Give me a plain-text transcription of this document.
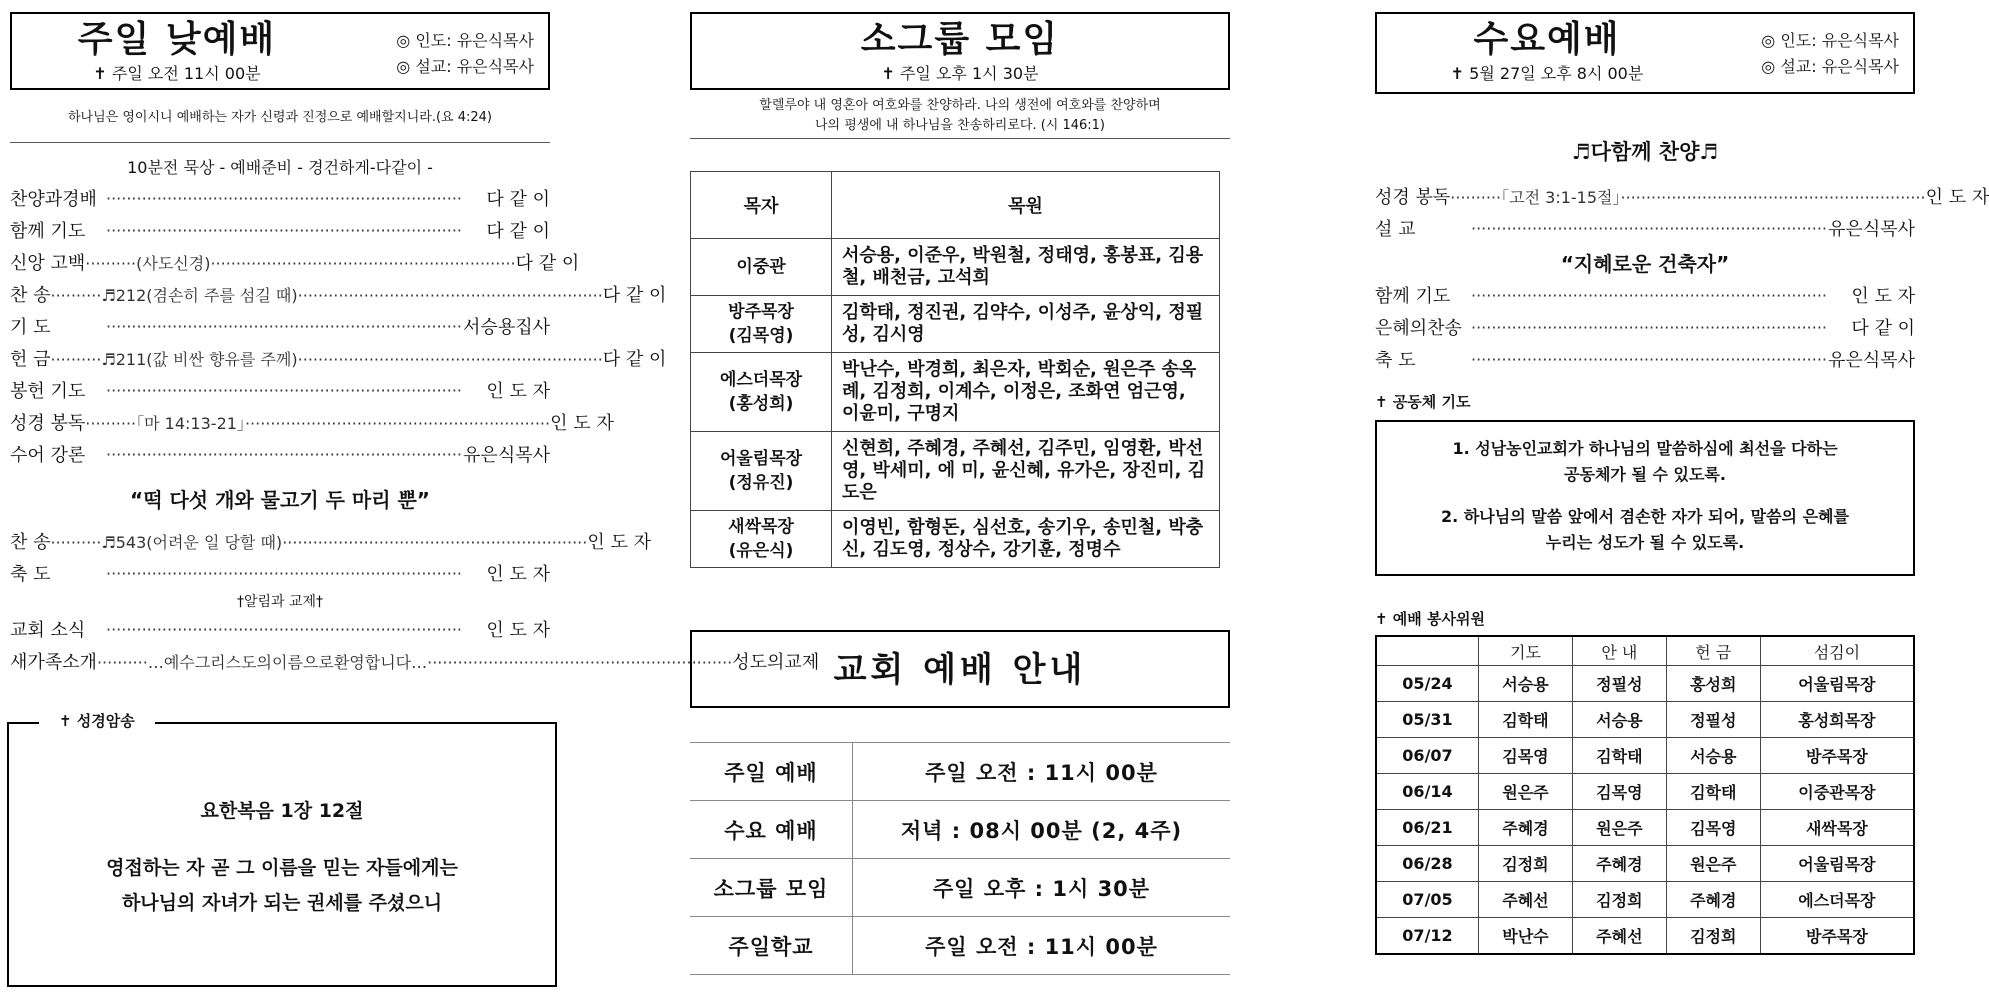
주일 낮예배
✝ 주일 오전 11시 00분
◎ 인도: 유은식목사
◎ 설교: 유은식목사
하나님은 영이시니 예배하는 자가 신령과 진정으로 예배할지니라.(요 4:24)
10분전 묵상 - 예배준비 - 경건하게-다같이 -
찬양과경배 ······································································	다 같 이
함께 기도	······································································	다 같 이
신앙 고백 ··········(사도신경)···························································· 다 같 이
찬 송 ··········♬212(겸손히 주를 섬길 때)···························································· 다 같 이
기 도	······································································ 서승용집사
헌 금 ··········♬211(값 비싼 향유를 주께)···························································· 다 같 이
봉헌 기도	······································································	인 도 자
성경 봉독 ··········「마 14:13-21」···························································· 인 도 자
수어 강론	······································································ 유은식목사
“떡 다섯 개와 물고기 두 마리 뿐”
찬 송 ··········♬543(어려운 일 당할 때)···························································· 인 도 자
축 도	······································································	인 도 자
†알림과 교제†
교회 소식	······································································	인 도 자
새가족소개 ··········…예수그리스도의이름으로환영합니다…···························································· 성도의교제
✝ 성경암송
요한복음 1장 12절
영접하는 자 곧 그 이름을 믿는 자들에게는
하나님의 자녀가 되는 권세를 주셨으니
소그룹 모임
✝ 주일 오후 1시 30분
할렐루야 내 영혼아 여호와를 찬양하라. 나의 생전에 여호와를 찬양하며
나의 평생에 내 하나님을 찬송하리로다. (시 146:1)
목자	목원

이중관	서승용, 이준우, 박원철, 정태영, 홍봉표, 김용철, 배천금, 고석희

방주목장
(김목영)	김학태, 정진권, 김약수, 이성주, 윤상익, 정필성, 김시영

에스더목장
(홍성희)	박난수, 박경희, 최은자, 박회순, 원은주 송옥례, 김정희, 이계수, 이정은, 조화연 엄근영, 이윤미, 구명지

어울림목장
(정유진)	신현희, 주혜경, 주혜선, 김주민, 임영환, 박선영, 박세미, 에 미, 윤신혜, 유가은, 장진미, 김도은

새싹목장
(유은식)	이영빈, 함형돈, 심선호, 송기우, 송민철, 박충신, 김도영, 정상수, 강기훈, 정명수
교회 예배 안내
주일 예배	주일 오전 : 11시 00분
수요 예배	저녁 : 08시 00분 (2, 4주)
소그룹 모임	주일 오후 : 1시 30분
주일학교	주일 오전 : 11시 00분
수요예배
✝ 5월 27일 오후 8시 00분
◎ 인도: 유은식목사
◎ 설교: 유은식목사
♬다함께 찬양♬
성경 봉독 ··········「고전 3:1-15절」···························································· 인 도 자
설 교	······································································ 유은식목사
“지혜로운 건축자”
함께 기도	······································································	인 도 자
은혜의찬송 ······································································	다 같 이
축 도	······································································ 유은식목사
✝ 공동체 기도
1. 성남농인교회가 하나님의 말씀하심에 최선을 다하는
공동체가 될 수 있도록.
2. 하나님의 말씀 앞에서 겸손한 자가 되어, 말씀의 은혜를
누리는 성도가 될 수 있도록.
✝ 예배 봉사위원
	기도	안 내	헌 금	섬김이
05/24	서승용	정필성	홍성희	어울림목장
05/31	김학태	서승용	정필성	홍성희목장
06/07	김목영	김학태	서승용	방주목장
06/14	원은주	김목영	김학태	이중관목장
06/21	주혜경	원은주	김목영	새싹목장
06/28	김정희	주혜경	원은주	어울림목장
07/05	주혜선	김정희	주혜경	에스더목장
07/12	박난수	주혜선	김정희	방주목장
